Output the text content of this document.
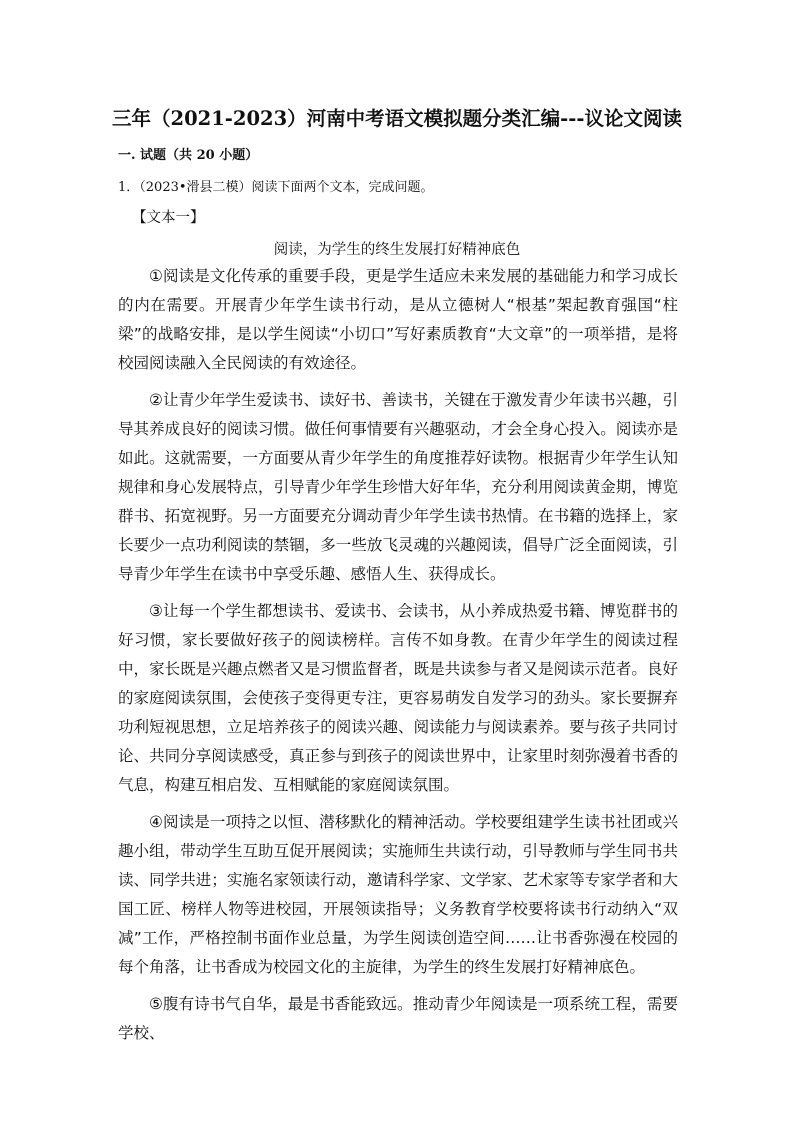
三年（2021-2023）河南中考语文模拟题分类汇编---议论文阅读

一. 试题（共 20 小题）

1．（2023•滑县二模）阅读下面两个文本，完成问题。

【文本一】

阅读，为学生的终生发展打好精神底色

①阅读是文化传承的重要手段，更是学生适应未来发展的基础能力和学习成长的内在需要。开展青少年学生读书行动，是从立德树人“根基”架起教育强国“柱梁”的战略安排，是以学生阅读“小切口”写好素质教育“大文章”的一项举措，是将校园阅读融入全民阅读的有效途径。

②让青少年学生爱读书、读好书、善读书，关键在于激发青少年读书兴趣，引导其养成良好的阅读习惯。做任何事情要有兴趣驱动，才会全身心投入。阅读亦是如此。这就需要，一方面要从青少年学生的角度推荐好读物。根据青少年学生认知规律和身心发展特点，引导青少年学生珍惜大好年华，充分利用阅读黄金期，博览群书、拓宽视野。另一方面要充分调动青少年学生读书热情。在书籍的选择上，家长要少一点功利阅读的禁锢，多一些放飞灵魂的兴趣阅读，倡导广泛全面阅读，引导青少年学生在读书中享受乐趣、感悟人生、获得成长。

③让每一个学生都想读书、爱读书、会读书，从小养成热爱书籍、博览群书的好习惯，家长要做好孩子的阅读榜样。言传不如身教。在青少年学生的阅读过程中，家长既是兴趣点燃者又是习惯监督者，既是共读参与者又是阅读示范者。良好的家庭阅读氛围，会使孩子变得更专注，更容易萌发自发学习的劲头。家长要摒弃功利短视思想，立足培养孩子的阅读兴趣、阅读能力与阅读素养。要与孩子共同讨论、共同分享阅读感受，真正参与到孩子的阅读世界中，让家里时刻弥漫着书香的气息，构建互相启发、互相赋能的家庭阅读氛围。

④阅读是一项持之以恒、潜移默化的精神活动。学校要组建学生读书社团或兴趣小组，带动学生互助互促开展阅读；实施师生共读行动，引导教师与学生同书共读、同学共进；实施名家领读行动，邀请科学家、文学家、艺术家等专家学者和大国工匠、榜样人物等进校园，开展领读指导；义务教育学校要将读书行动纳入“双减”工作，严格控制书面作业总量，为学生阅读创造空间……让书香弥漫在校园的每个角落，让书香成为校园文化的主旋律，为学生的终生发展打好精神底色。

⑤腹有诗书气自华，最是书香能致远。推动青少年阅读是一项系统工程，需要学校、
